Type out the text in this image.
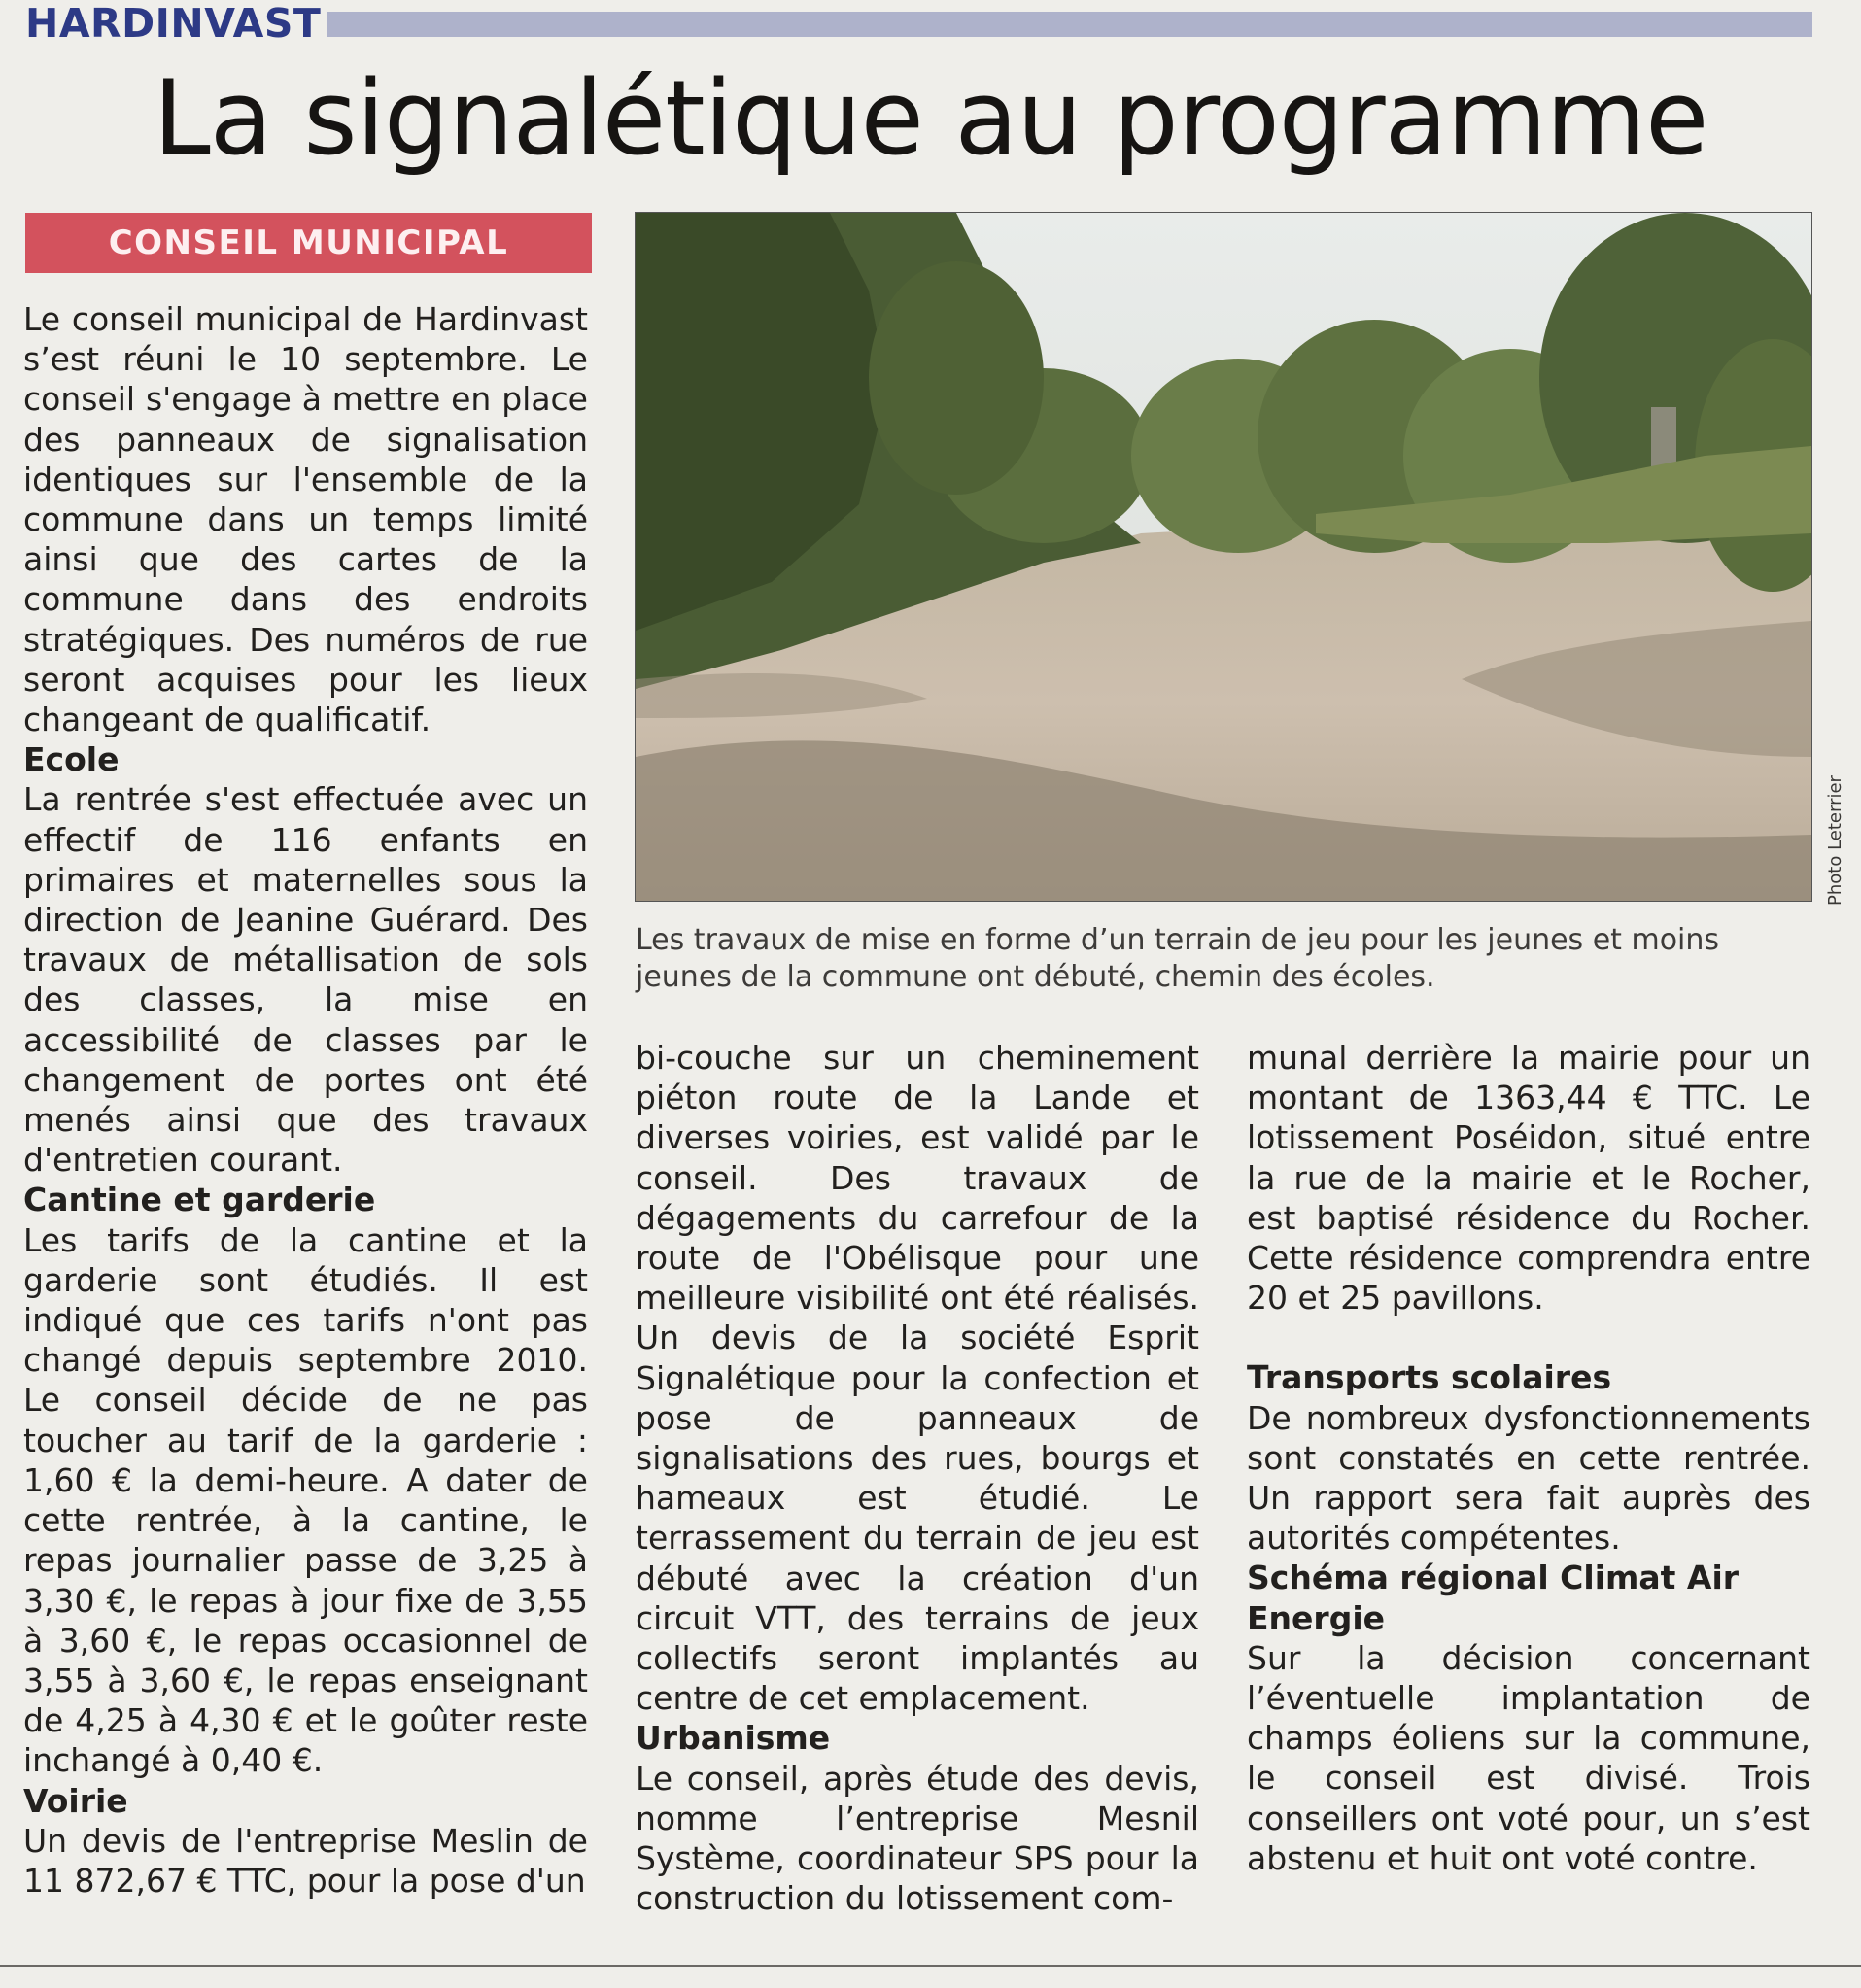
HARDINVAST
La signalétique au programme
CONSEIL MUNICIPAL

Le conseil municipal de Hardinvast s’est réuni le 10 septembre. Le conseil s'engage à mettre en place des panneaux de signalisation identiques sur l'ensemble de la commune dans un temps limité ainsi que des cartes de la commune dans des endroits stratégiques. Des numéros de rue seront acquises pour les lieux changeant de qualificatif.

Ecole

La rentrée s'est effectuée avec un effectif de 116 enfants en primaires et maternelles sous la direction de Jeanine Guérard. Des travaux de métallisation de sols des classes, la mise en accessibilité de classes par le changement de portes ont été menés ainsi que des travaux d'entretien courant.

Cantine et garderie

Les tarifs de la cantine et la garderie sont étudiés. Il est indiqué que ces tarifs n'ont pas changé depuis septembre 2010. Le conseil décide de ne pas toucher au tarif de la garderie : 1,60 € la demi-heure. A dater de cette rentrée, à la cantine, le repas journalier passe de 3,25 à 3,30 €, le repas à jour fixe de 3,55 à 3,60 €, le repas occasionnel de 3,55 à 3,60 €, le repas enseignant de 4,25 à 4,30 € et le goûter reste inchangé à 0,40 €.

Voirie

Un devis de l'entreprise Meslin de 11 872,67 € TTC, pour la pose d'un

Photo Leterrier
Les travaux de mise en forme d’un terrain de jeu pour les jeunes et moins jeunes de la commune ont débuté, chemin des écoles.

bi-couche sur un cheminement piéton route de la Lande et diverses voiries, est validé par le conseil. Des travaux de dégagements du carrefour de la route de l'Obélisque pour une meilleure visibilité ont été réalisés. Un devis de la société Esprit Signalétique pour la confection et pose de panneaux de signalisations des rues, bourgs et hameaux est étudié. Le terrassement du terrain de jeu est débuté avec la création d'un circuit VTT, des terrains de jeux collectifs seront implantés au centre de cet emplacement.

Urbanisme

Le conseil, après étude des devis, nomme l’entreprise Mesnil Système, coordinateur SPS pour la construction du lotissement com-

munal derrière la mairie pour un montant de 1363,44 € TTC. Le lotissement Poséidon, situé entre la rue de la mairie et le Rocher, est baptisé résidence du Rocher. Cette résidence comprendra entre 20 et 25 pavillons.

Transports scolaires

De nombreux dysfonctionnements sont constatés en cette rentrée. Un rapport sera fait auprès des autorités compétentes.

Schéma régional Climat Air Energie

Sur la décision concernant l’éventuelle implantation de champs éoliens sur la commune, le conseil est divisé. Trois conseillers ont voté pour, un s’est abstenu et huit ont voté contre.
